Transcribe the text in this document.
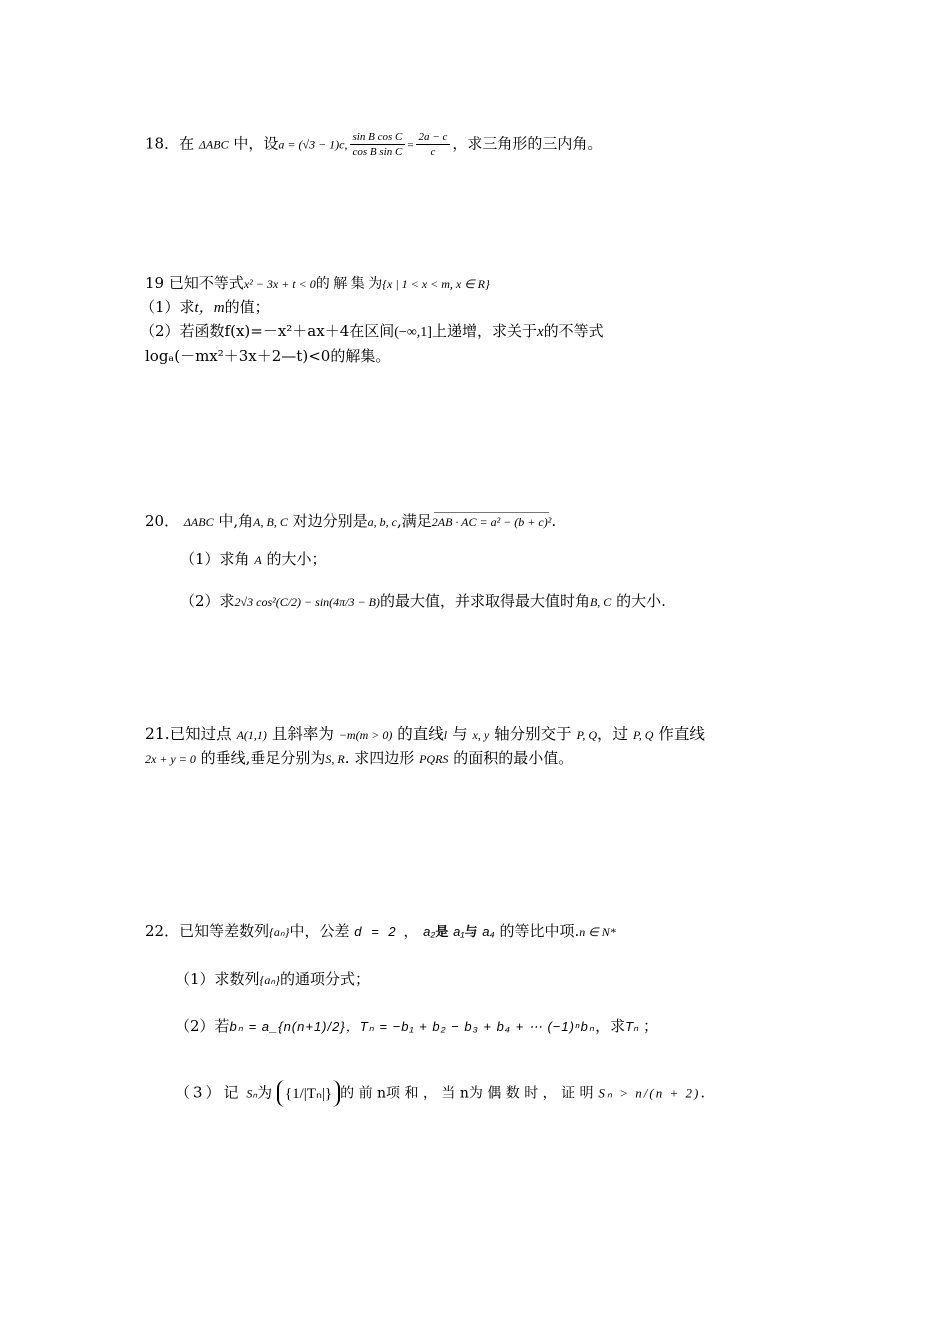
18．在 ΔABC 中，设a = (√3 − 1)c, $\frac{\text{sin B cos C}}{\text{cos B sin C}} = \frac{2a - c}{c}$ ，求三角形的三内角。
19 已知不等式x² − 3x + t < 0的 解 集 为{x | 1 < x < m, x ∈ R}
（1）求t，m的值；
（2）若函数f(x)=－x²＋ax＋4在区间(−∞,1]上递增，求关于x的不等式
logₐ(－mx²＋3x＋2—t)<0的解集。
20． ΔABC 中,角A, B, C 对边分别是a, b, c,满足2AB · AC = a² − (b + c)².
（1）求角 A 的大小；
（2）求2√3 cos²(C/2) − sin(4π/3 − B)的最大值，并求取得最大值时角B, C 的大小.
21.已知过点 A(1,1) 且斜率为 −m(m > 0) 的直线l 与 x, y 轴分别交于 P, Q，过 P, Q 作直线
2x + y = 0 的垂线,垂足分别为S, R. 求四边形 PQRS 的面积的最小值。
22．已知等差数列{aₙ}中，公差 d = 2 ， a₂是 a₁与 a₄ 的等比中项.n ∈ N*
（1）求数列{aₙ}的通项分式；
（2）若bₙ = a_{n(n+1)/2}，Tₙ = −b₁ + b₂ − b₃ + b₄ + ⋯ (−1)ⁿbₙ，求Tₙ ；
（3）记 Sₙ为 {1/|Tₙ|} 的 前 n项 和 ， 当 n为 偶 数 时 ， 证 明 Sₙ > n/(n + 2).
